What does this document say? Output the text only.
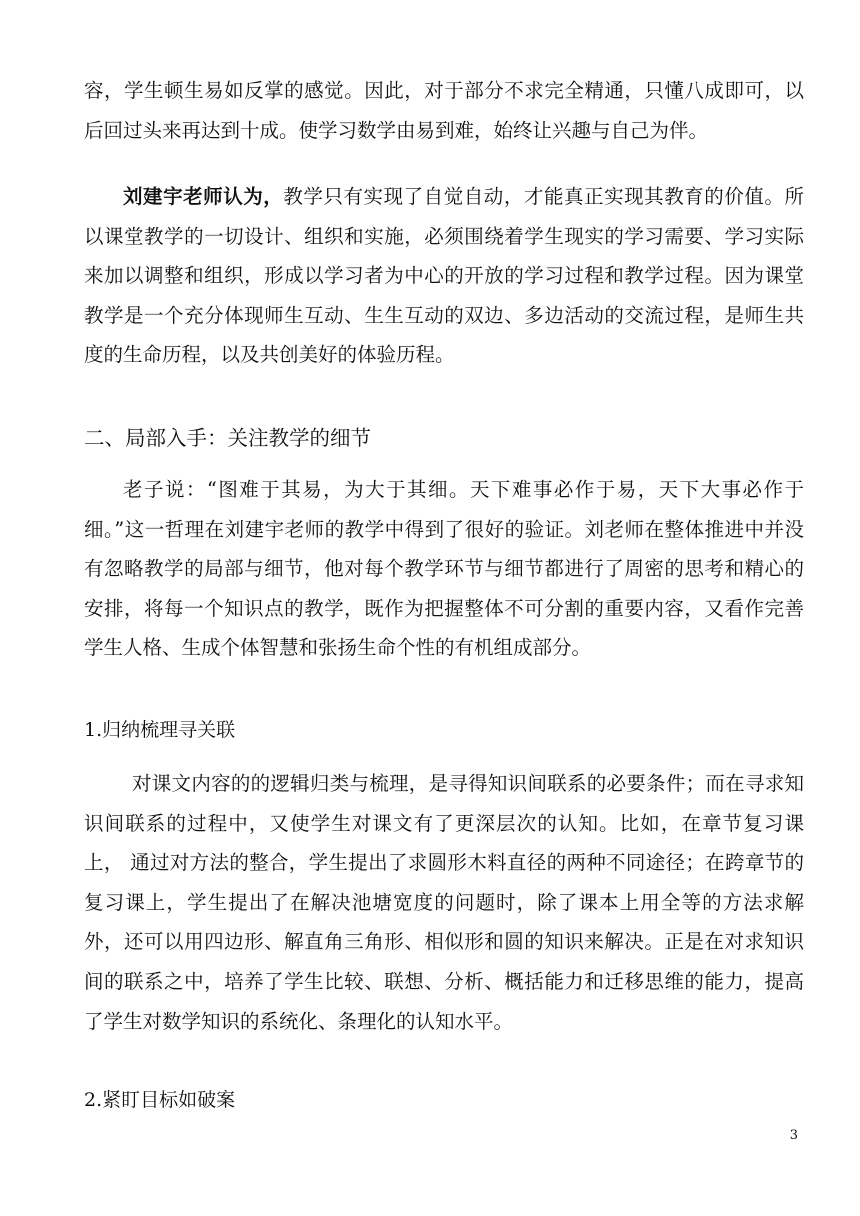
容，学生顿生易如反掌的感觉。因此，对于部分不求完全精通，只懂八成即可，以后回过头来再达到十成。使学习数学由易到难，始终让兴趣与自己为伴。

刘建宇老师认为，教学只有实现了自觉自动，才能真正实现其教育的价值。所以课堂教学的一切设计、组织和实施，必须围绕着学生现实的学习需要、学习实际来加以调整和组织，形成以学习者为中心的开放的学习过程和教学过程。因为课堂教学是一个充分体现师生互动、生生互动的双边、多边活动的交流过程，是师生共度的生命历程，以及共创美好的体验历程。

二、局部入手：关注教学的细节

老子说：“图难于其易，为大于其细。天下难事必作于易，天下大事必作于细。”这一哲理在刘建宇老师的教学中得到了很好的验证。刘老师在整体推进中并没有忽略教学的局部与细节，他对每个教学环节与细节都进行了周密的思考和精心的安排，将每一个知识点的教学，既作为把握整体不可分割的重要内容，又看作完善学生人格、生成个体智慧和张扬生命个性的有机组成部分。

1.归纳梳理寻关联

对课文内容的的逻辑归类与梳理，是寻得知识间联系的必要条件；而在寻求知识间联系的过程中，又使学生对课文有了更深层次的认知。比如，在章节复习课上， 通过对方法的整合，学生提出了求圆形木料直径的两种不同途径；在跨章节的复习课上，学生提出了在解决池塘宽度的问题时，除了课本上用全等的方法求解外，还可以用四边形、解直角三角形、相似形和圆的知识来解决。正是在对求知识间的联系之中，培养了学生比较、联想、分析、概括能力和迁移思维的能力，提高了学生对数学知识的系统化、条理化的认知水平。

2.紧盯目标如破案

3
